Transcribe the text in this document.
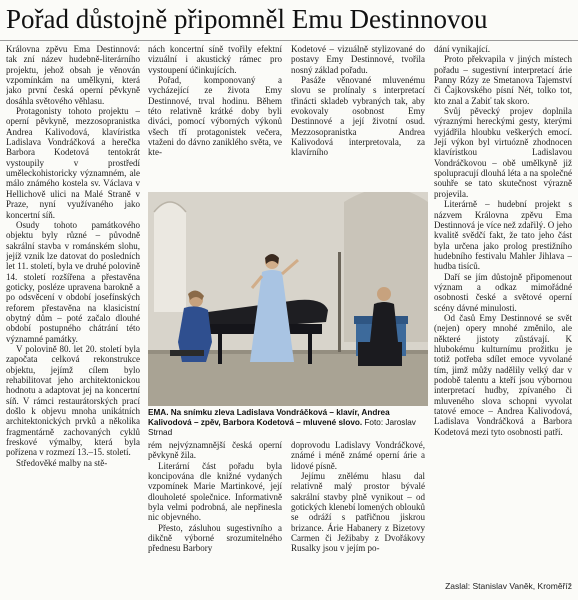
Pořad důstojně připomněl Emu Destinnovou

Královna zpěvu Ema Destinnová: tak zní název hudebně-literárního projektu, jehož obsah je věnován vzpomínkám na umělkyni, která jako první česká operní pěvkyně dosáhla světového věhlasu.

Protagonisty tohoto projektu – operní pěvkyně, mezzosopranistka Andrea Kalivodová, klavíristka Ladislava Vondráčková a herečka Barbora Kodetová tentokrát vystoupily v prostředí uměleckohistoricky významném, ale málo známého kostela sv. Václava v Hellichově ulici na Malé Straně v Praze, nyní využívaného jako koncertní síň.

Osudy tohoto památkového objektu byly různé – původně sakrální stavba v románském slohu, jejíž vznik lze datovat do posledních let 11. století, byla ve druhé polovině 14. století rozšířena a přestavěna goticky, posléze upravena barokně a po odsvěcení v období josefínských reforem přestavěna na klasicistní obytný dům – poté začalo dlouhé období postupného chátrání této významné památky.

V polovině 80. let 20. století byla započata celková rekonstrukce objektu, jejímž cílem bylo rehabilitovat jeho architektonickou hodnotu a adaptovat jej na koncertní síň. V rámci restaurátorských prací došlo k objevu mnoha unikátních architektonických prvků a několika fragmentárně zachovaných cyklů freskové výmalby, která byla pořízena v rozmezí 13.–15. století.

Středověké malby na stě-

nách koncertní síně tvořily efektní vizuální i akustický rámec pro vystoupení účinkujících.

Pořad, komponovaný a vycházející ze života Emy Destinnové, trval hodinu. Během této relativně krátké doby byli diváci, pomocí výborných výkonů všech tří protagonistek večera, vtaženi do dávno zaniklého světa, ve kte-

Kodetové – vizuálně stylizované do postavy Emy Destinnové, tvořila nosný základ pořadu.

Pasáže věnované mluvenému slovu se prolínaly s interpretací třinácti skladeb vybraných tak, aby evokovaly osobnost Emy Destinnové a její životní osud. Mezzosopranistka Andrea Kalivodová interpretovala, za klavírního

dání vynikající.

Proto překvapila v jiných místech pořadu – sugestivní interpretací árie Panny Rózy ze Smetanova Tajemství či Čajkovského písní Nét, tolko tot, kto znal a Zabiť tak skoro.

Svůj pěvecký projev doplnila výraznými hereckými gesty, kterými vyjádřila hloubku veškerých emocí. Její výkon byl virtuózně zhodnocen klavíristkou Ladislavou Vondráčkovou – obě umělkyně již spolupracují dlouhá léta a na společné souhře se tato skutečnost výrazně projevila.

Literárně – hudební projekt s názvem Královna zpěvu Ema Destinnová je více než zdařilý. O jeho kvalitě svědčí fakt, že tato jeho část byla určena jako prolog prestižního hudebního festivalu Mahler Jihlava – hudba tisíců.

Daří se jím důstojně připomenout význam a odkaz mimořádné osobnosti české a světové operní scény dávné minulosti.

Od časů Emy Destinnové se svět (nejen) opery mnohé změnilo, ale některé jistoty zůstávají. K hlubokému kulturnímu prožitku je totiž potřeba sdílet emoce vyvolané tím, jimž můžy nadělily velký dar v podobě talentu a kteří jsou výbornou interpretací hudby, zpívaného či mluveného slova schopni vyvolat tatové emoce – Andrea Kalivodová, Ladislava Vondráčková a Barbora Kodetová mezi tyto osobnosti patří.

EMA. Na snímku zleva Ladislava Vondráčková – klavír, Andrea Kalivodová – zpěv, Barbora Kodetová – mluvené slovo. Foto: Jaroslav Strnad

rém nejvýznamnější česká operní pěvkyně žila.

Literární část pořadu byla koncipována dle knižné vydaných vzpomínek Marie Martinkové, její dlouholeté společnice. Informativně byla velmi podrobná, ale nepřinesla nic objevného.

Přesto, zásluhou sugestivního a dikčně výborné srozumitelného přednesu Barbory

doprovodu Ladislavy Vondráčkové, známé i méně známé operní árie a lidové písně.

Jejímu znělému hlasu dal relativně malý prostor bývalé sakrální stavby plně vynikout – od gotických klenebí lomených oblouků se odráží s patřičnou jiskrou brizance. Árie Habanery z Bizetovy Carmen či Ježibaby z Dvořákovy Rusalky jsou v jejím po-

Zaslal: Stanislav Vaněk, Kroměříž
